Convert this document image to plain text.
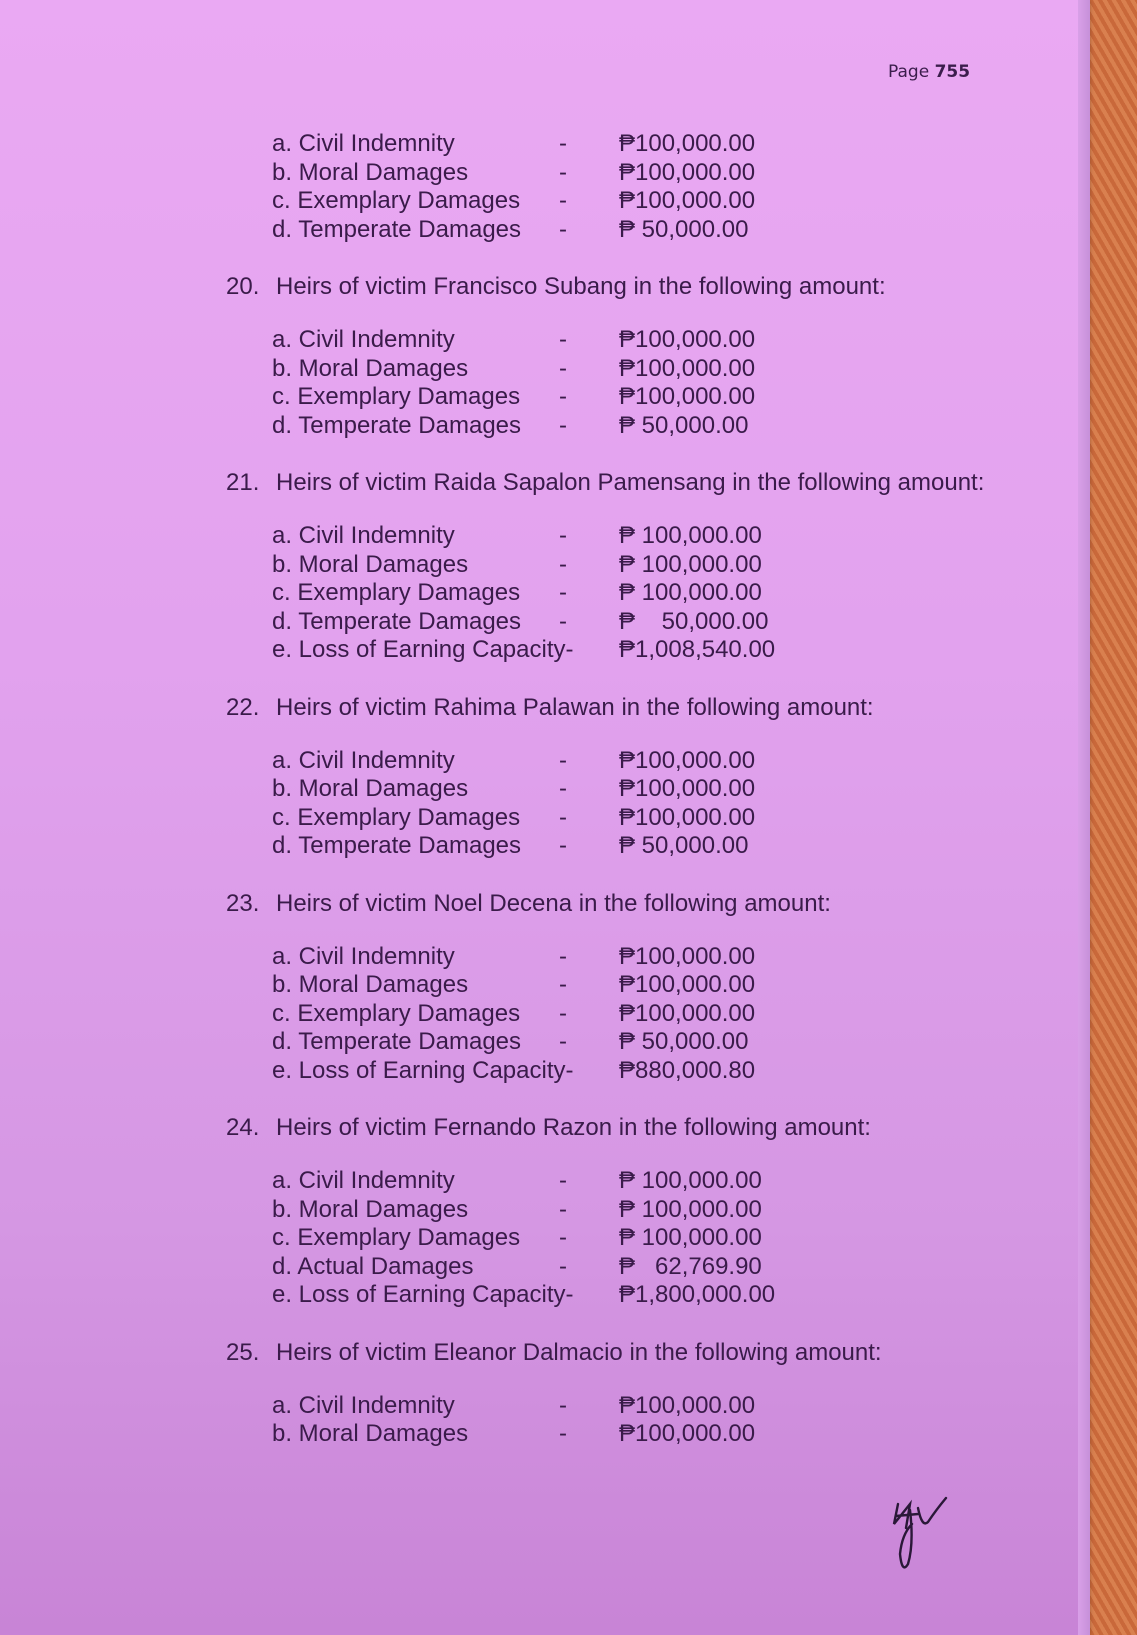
Page 755
a. Civil Indemnity	-	₱100,000.00
b. Moral Damages	-	₱100,000.00
c. Exemplary Damages	-	₱100,000.00
d. Temperate Damages	-	₱ 50,000.00
20. Heirs of victim Francisco Subang in the following amount:
a. Civil Indemnity	-	₱100,000.00
b. Moral Damages	-	₱100,000.00
c. Exemplary Damages	-	₱100,000.00
d. Temperate Damages	-	₱ 50,000.00
21. Heirs of victim Raida Sapalon Pamensang in the following amount:
a. Civil Indemnity	-	₱ 100,000.00
b. Moral Damages	-	₱ 100,000.00
c. Exemplary Damages	-	₱ 100,000.00
d. Temperate Damages	-	₱    50,000.00
e. Loss of Earning Capacity-	₱1,008,540.00
22. Heirs of victim Rahima Palawan in the following amount:
a. Civil Indemnity	-	₱100,000.00
b. Moral Damages	-	₱100,000.00
c. Exemplary Damages	-	₱100,000.00
d. Temperate Damages	-	₱ 50,000.00
23. Heirs of victim Noel Decena in the following amount:
a. Civil Indemnity	-	₱100,000.00
b. Moral Damages	-	₱100,000.00
c. Exemplary Damages	-	₱100,000.00
d. Temperate Damages	-	₱ 50,000.00
e. Loss of Earning Capacity-	₱880,000.80
24. Heirs of victim Fernando Razon in the following amount:
a. Civil Indemnity	-	₱ 100,000.00
b. Moral Damages	-	₱ 100,000.00
c. Exemplary Damages	-	₱ 100,000.00
d. Actual Damages	-	₱   62,769.90
e. Loss of Earning Capacity-	₱1,800,000.00
25. Heirs of victim Eleanor Dalmacio in the following amount:
a. Civil Indemnity	-	₱100,000.00
b. Moral Damages	-	₱100,000.00
